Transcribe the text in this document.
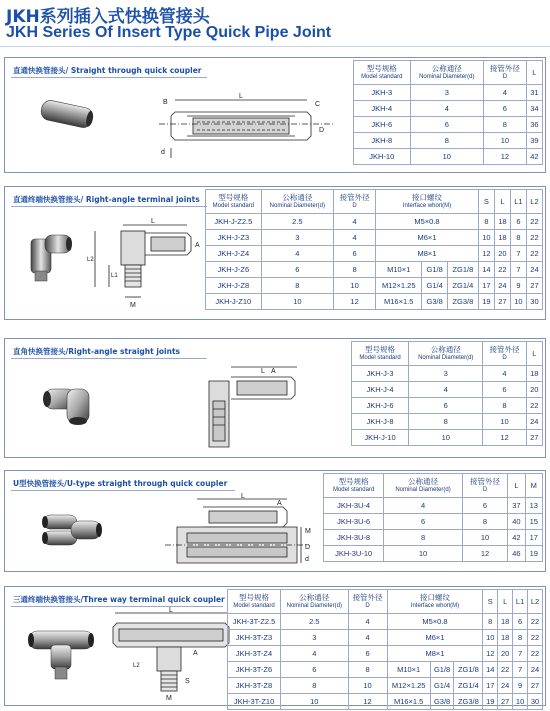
JKH系列插入式快换管接头
JKH Series Of Insert Type Quick Pipe Joint
直通快换管接头/ Straight through quick coupler
B
L
C
d
D
型号规格
Model standard	公称通径
Nominal Diameter(d)	接管外径
D	L
JKH-3	3	4	31
JKH-4	4	6	34
JKH-6	6	8	36
JKH-8	8	10	39
JKH-10	10	12	42
直通终端快换管接头/ Right-angle terminal joints
L
A
L1
L2
M
型号规格
Model standard	公称通径
Nominal Diameter(d)	接管外径
D	接口螺纹
Interface whorl(M)			S	L	L1	L2
JKH-J-Z2.5	2.5	4	M5×0.8			8	18	6	22
JKH-J-Z3	3	4	M6×1			10	18	8	22
JKH-J-Z4	4	6	M8×1			12	20	7	22
JKH-J-Z6	6	8	M10×1	G1/8	ZG1/8	14	22	7	24
JKH-J-Z8	8	10	M12×1.25	G1/4	ZG1/4	17	24	9	27
JKH-J-Z10	10	12	M16×1.5	G3/8	ZG3/8	19	27	10	30
直角快换管接头/Right-angle straight joints
L A
型号规格
Model standard	公称通径
Nominal Diameter(d)	接管外径
D	L
JKH-J-3	3	4	18
JKH-J-4	4	6	20
JKH-J-6	6	8	22
JKH-J-8	8	10	24
JKH-J-10	10	12	27
U型快换管接头/U-type straight through quick coupler
A
L
M
D
d
型号规格
Model standard	公称通径
Nominal Diameter(d)	接管外径
D	L	M
JKH-3U-4	4	6	37	13
JKH-3U-6	6	8	40	15
JKH-3U-8	8	10	42	17
JKH-3U-10	10	12	46	19
三通终端快换管接头/Three way terminal quick coupler
L
L2
A
S
M
型号规格
Model standard	公称通径
Nominal Diameter(d)	接管外径
D	接口螺纹
Interface whorl(M)			S	L	L1	L2
JKH-3T-Z2.5	2.5	4	M5×0.8			8	18	6	22
JKH-3T-Z3	3	4	M6×1			10	18	8	22
JKH-3T-Z4	4	6	M8×1			12	20	7	22
JKH-3T-Z6	6	8	M10×1	G1/8	ZG1/8	14	22	7	24
JKH-3T-Z8	8	10	M12×1.25	G1/4	ZG1/4	17	24	9	27
JKH-3T-Z10	10	12	M16×1.5	G3/8	ZG3/8	19	27	10	30
